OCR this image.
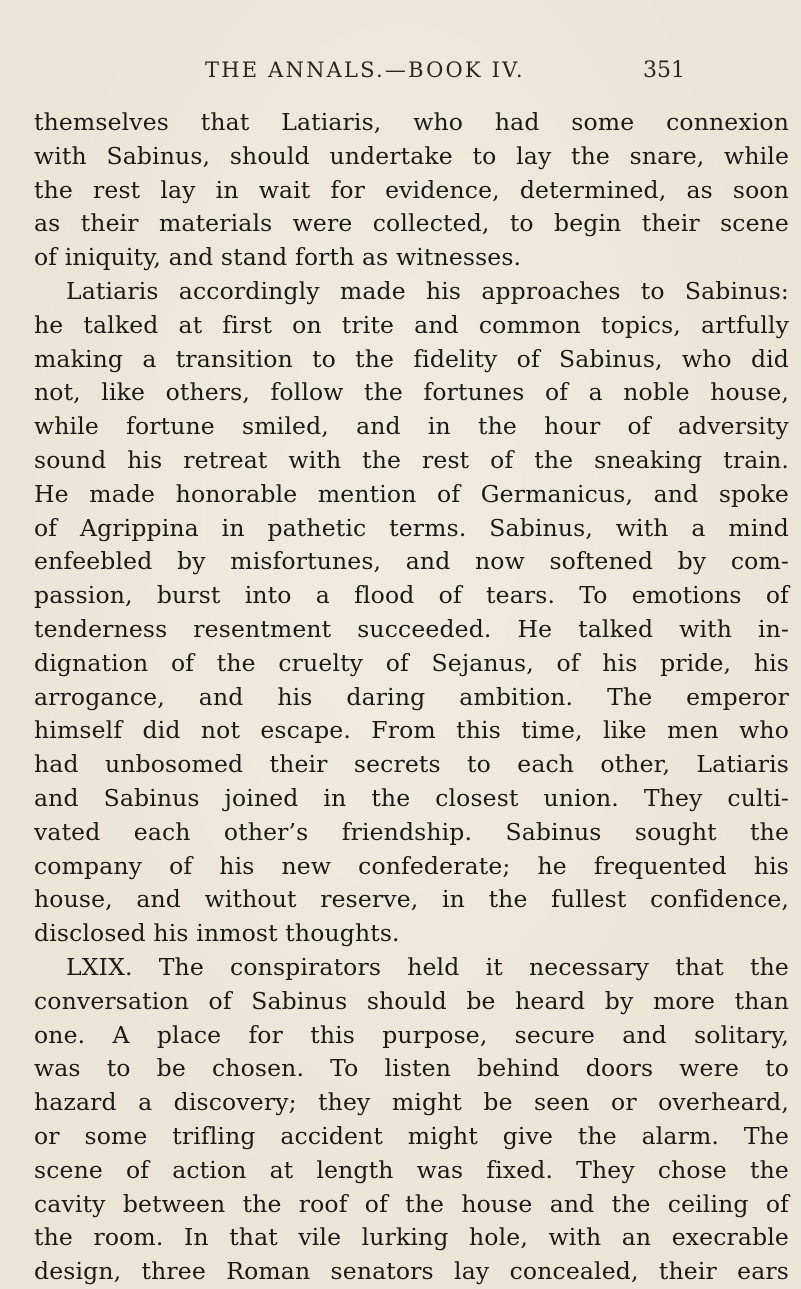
THE ANNALS.—BOOK IV.	351
themselves that Latiaris, who had some connexion
with Sabinus, should undertake to lay the snare, while
the rest lay in wait for evidence, determined, as soon
as their materials were collected, to begin their scene
of iniquity, and stand forth as witnesses.
Latiaris accordingly made his approaches to Sabinus:
he talked at first on trite and common topics, artfully
making a transition to the fidelity of Sabinus, who did
not, like others, follow the fortunes of a noble house,
while fortune smiled, and in the hour of adversity
sound his retreat with the rest of the sneaking train.
He made honorable mention of Germanicus, and spoke
of Agrippina in pathetic terms. Sabinus, with a mind
enfeebled by misfortunes, and now softened by com-
passion, burst into a flood of tears. To emotions of
tenderness resentment succeeded. He talked with in-
dignation of the cruelty of Sejanus, of his pride, his
arrogance, and his daring ambition. The emperor
himself did not escape. From this time, like men who
had unbosomed their secrets to each other, Latiaris
and Sabinus joined in the closest union. They culti-
vated each other’s friendship. Sabinus sought the
company of his new confederate; he frequented his
house, and without reserve, in the fullest confidence,
disclosed his inmost thoughts.
LXIX. The conspirators held it necessary that the
conversation of Sabinus should be heard by more than
one. A place for this purpose, secure and solitary,
was to be chosen. To listen behind doors were to
hazard a discovery; they might be seen or overheard,
or some trifling accident might give the alarm. The
scene of action at length was fixed. They chose the
cavity between the roof of the house and the ceiling of
the room. In that vile lurking hole, with an execrable
design, three Roman senators lay concealed, their ears
